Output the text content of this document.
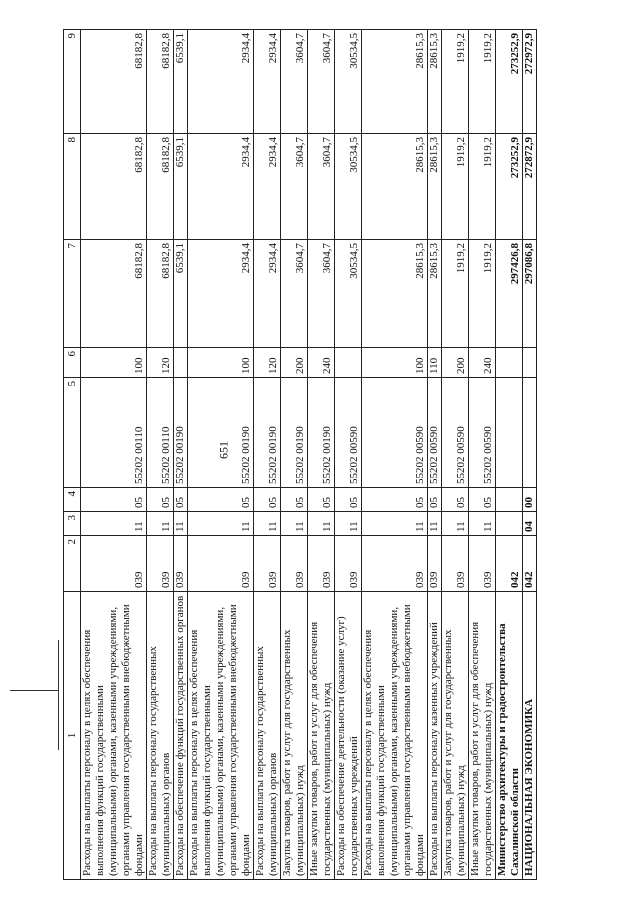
651
1	2	3	4	5	6	7	8	9
Расходы на выплаты персоналу в целях обеспечения выполнения функций государственными (муниципальными) органами, казенными учреждениями, органами управления государственными внебюджетными фондами	039	11	05	55202 00110	100	68182,8	68182,8	68182,8
Расходы на выплаты персоналу государственных (муниципальных) органов	039	11	05	55202 00110	120	68182,8	68182,8	68182,8
Расходы на обеспечение функций государственных органов	039	11	05	55202 00190		6539,1	6539,1	6539,1
Расходы на выплаты персоналу в целях обеспечения выполнения функций государственными (муниципальными) органами, казенными учреждениями, органами управления государственными внебюджетными фондами	039	11	05	55202 00190	100	2934,4	2934,4	2934,4
Расходы на выплаты персоналу государственных (муниципальных) органов	039	11	05	55202 00190	120	2934,4	2934,4	2934,4
Закупка товаров, работ и услуг для государственных (муниципальных) нужд	039	11	05	55202 00190	200	3604,7	3604,7	3604,7
Иные закупки товаров, работ и услуг для обеспечения государственных (муниципальных) нужд	039	11	05	55202 00190	240	3604,7	3604,7	3604,7
Расходы на обеспечение деятельности (оказание услуг) государственных учреждений	039	11	05	55202 00590		30534,5	30534,5	30534,5
Расходы на выплаты персоналу в целях обеспечения выполнения функций государственными (муниципальными) органами, казенными учреждениями, органами управления государственными внебюджетными фондами	039	11	05	55202 00590	100	28615,3	28615,3	28615,3
Расходы на выплаты персоналу казенных учреждений	039	11	05	55202 00590	110	28615,3	28615,3	28615,3
Закупка товаров, работ и услуг для государственных (муниципальных) нужд	039	11	05	55202 00590	200	1919,2	1919,2	1919,2
Иные закупки товаров, работ и услуг для обеспечения государственных (муниципальных) нужд	039	11	05	55202 00590	240	1919,2	1919,2	1919,2
Министерство архитектуры и градостроительства Сахалинской области	042					297426,8	273252,9	273252,9
НАЦИОНАЛЬНАЯ ЭКОНОМИКА	042	04	00			297086,8	272872,9	272972,9
